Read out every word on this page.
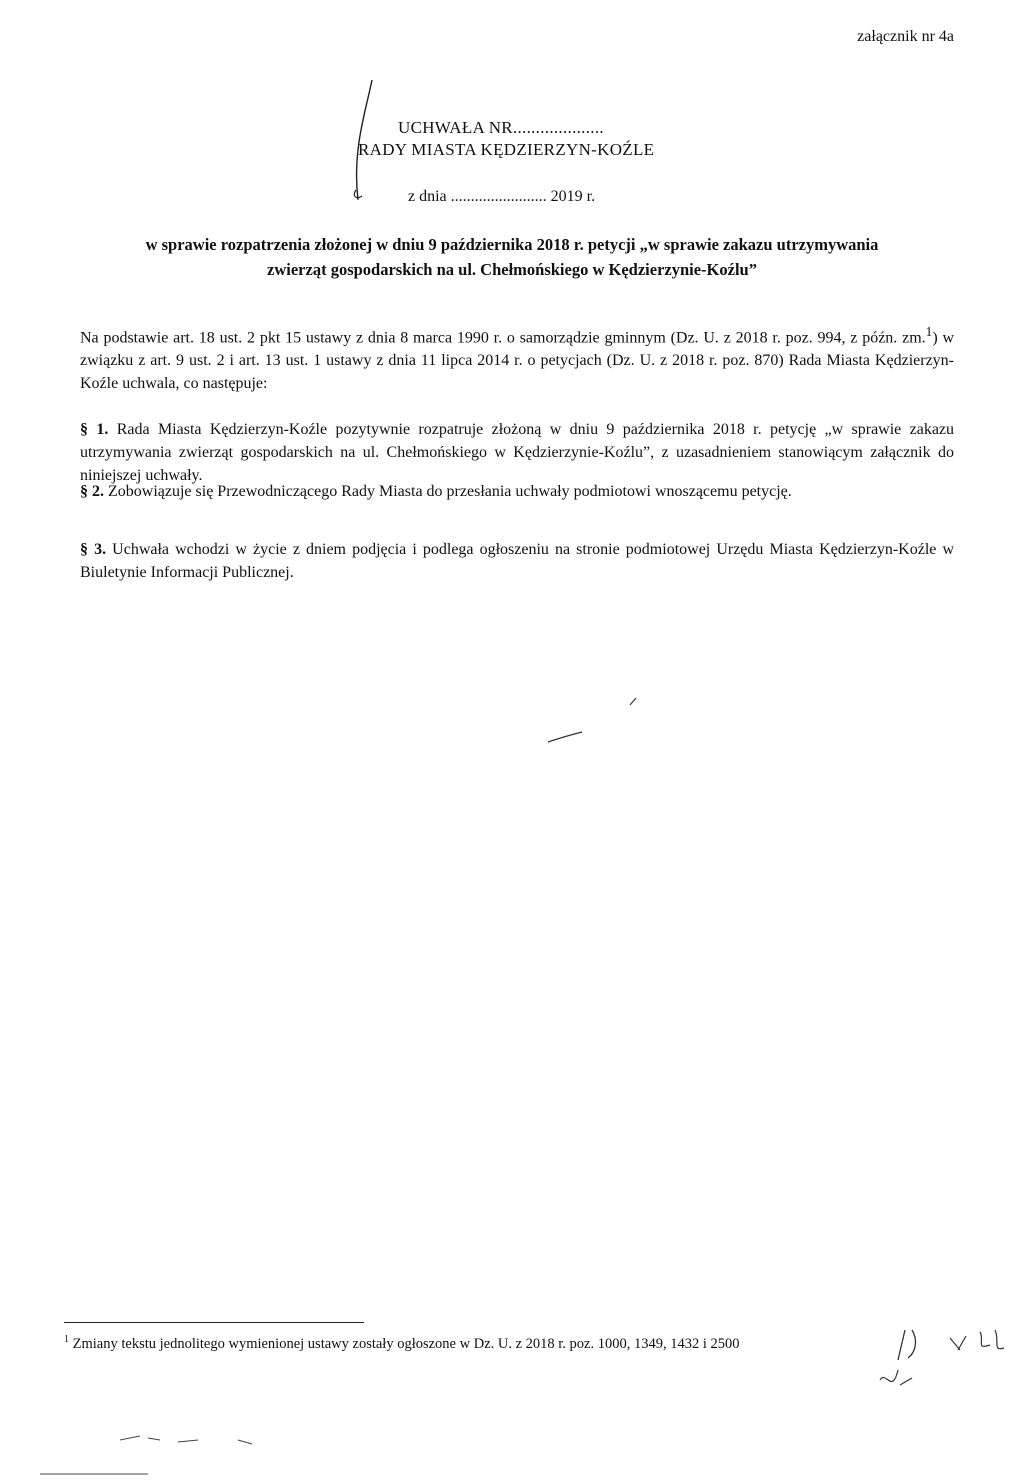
załącznik nr 4a
UCHWAŁA NR....................
RADY MIASTA KĘDZIERZYN-KOŹLE
z dnia ........................ 2019 r.
w sprawie rozpatrzenia złożonej w dniu 9 października 2018 r. petycji „w sprawie zakazu utrzymywania
zwierząt gospodarskich na ul. Chełmońskiego w Kędzierzynie-Koźlu”
Na podstawie art. 18 ust. 2 pkt 15 ustawy z dnia 8 marca 1990 r. o samorządzie gminnym (Dz. U. z 2018 r. poz. 994, z późn. zm.$^1$) w związku z art. 9 ust. 2 i art. 13 ust. 1 ustawy z dnia 11 lipca 2014 r. o petycjach (Dz. U. z 2018 r. poz. 870) Rada Miasta Kędzierzyn-Koźle uchwala, co następuje:
§ 1. Rada Miasta Kędzierzyn-Koźle pozytywnie rozpatruje złożoną w dniu 9 października 2018 r. petycję „w sprawie zakazu utrzymywania zwierząt gospodarskich na ul. Chełmońskiego w Kędzierzynie-Koźlu”, z uzasadnieniem stanowiącym załącznik do niniejszej uchwały.
§ 2. Zobowiązuje się Przewodniczącego Rady Miasta do przesłania uchwały podmiotowi wnoszącemu petycję.
§ 3. Uchwała wchodzi w życie z dniem podjęcia i podlega ogłoszeniu na stronie podmiotowej Urzędu Miasta Kędzierzyn-Koźle w Biuletynie Informacji Publicznej.
$^1$ Zmiany tekstu jednolitego wymienionej ustawy zostały ogłoszone w Dz. U. z 2018 r. poz. 1000, 1349, 1432 i 2500
